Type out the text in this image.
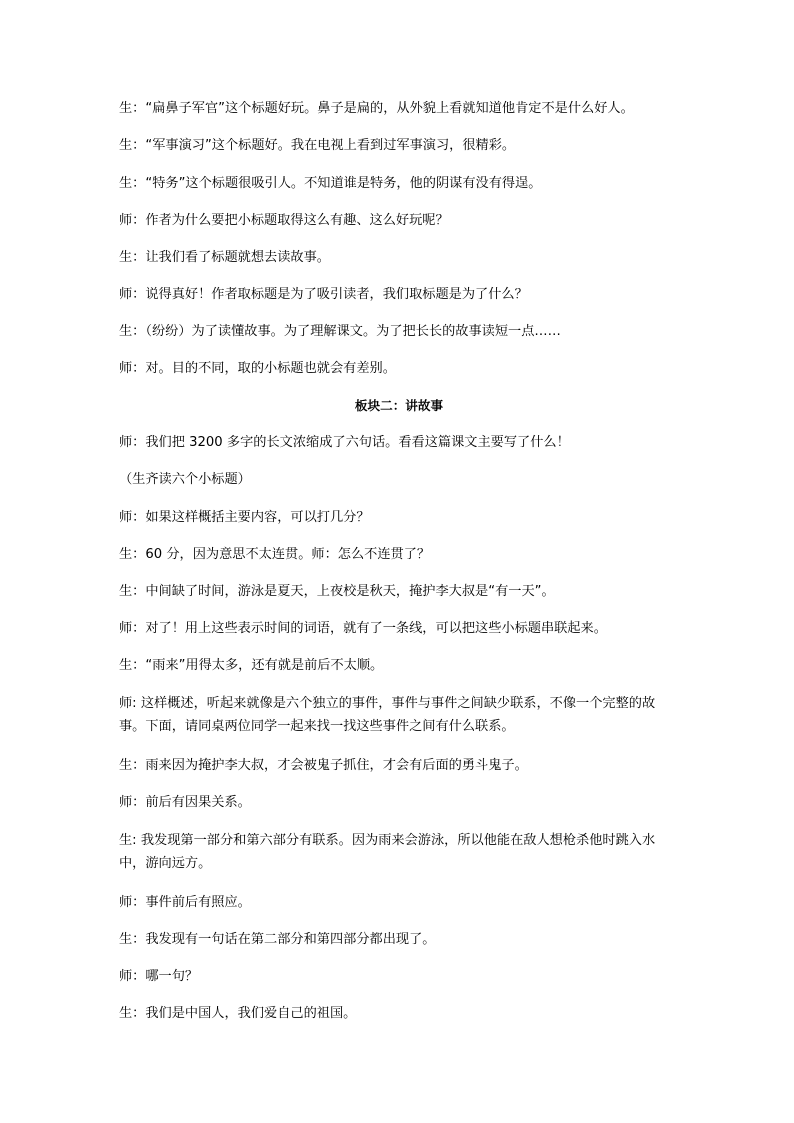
生：“扁鼻子军官”这个标题好玩。鼻子是扁的，从外貌上看就知道他肯定不是什么好人。
生：“军事演习”这个标题好。我在电视上看到过军事演习，很精彩。
生：“特务”这个标题很吸引人。不知道谁是特务，他的阴谋有没有得逞。
师：作者为什么要把小标题取得这么有趣、这么好玩呢？
生：让我们看了标题就想去读故事。
师：说得真好！作者取标题是为了吸引读者，我们取标题是为了什么？
生：（纷纷）为了读懂故事。为了理解课文。为了把长长的故事读短一点……
师：对。目的不同，取的小标题也就会有差别。
板块二：讲故事
师：我们把 3200 多字的长文浓缩成了六句话。看看这篇课文主要写了什么！
（生齐读六个小标题）
师：如果这样概括主要内容，可以打几分？
生：60 分，因为意思不太连贯。师：怎么不连贯了？
生：中间缺了时间，游泳是夏天，上夜校是秋天，掩护李大叔是“有一天”。
师：对了！用上这些表示时间的词语，就有了一条线，可以把这些小标题串联起来。
生：“雨来”用得太多，还有就是前后不太顺。
师: 这样概述，听起来就像是六个独立的事件，事件与事件之间缺少联系，不像一个完整的故事。下面，请同桌两位同学一起来找一找这些事件之间有什么联系。
生：雨来因为掩护李大叔，才会被鬼子抓住，才会有后面的勇斗鬼子。
师：前后有因果关系。
生: 我发现第一部分和第六部分有联系。因为雨来会游泳，所以他能在敌人想枪杀他时跳入水中，游向远方。
师：事件前后有照应。
生：我发现有一句话在第二部分和第四部分都出现了。
师：哪一句？
生：我们是中国人，我们爱自己的祖国。
